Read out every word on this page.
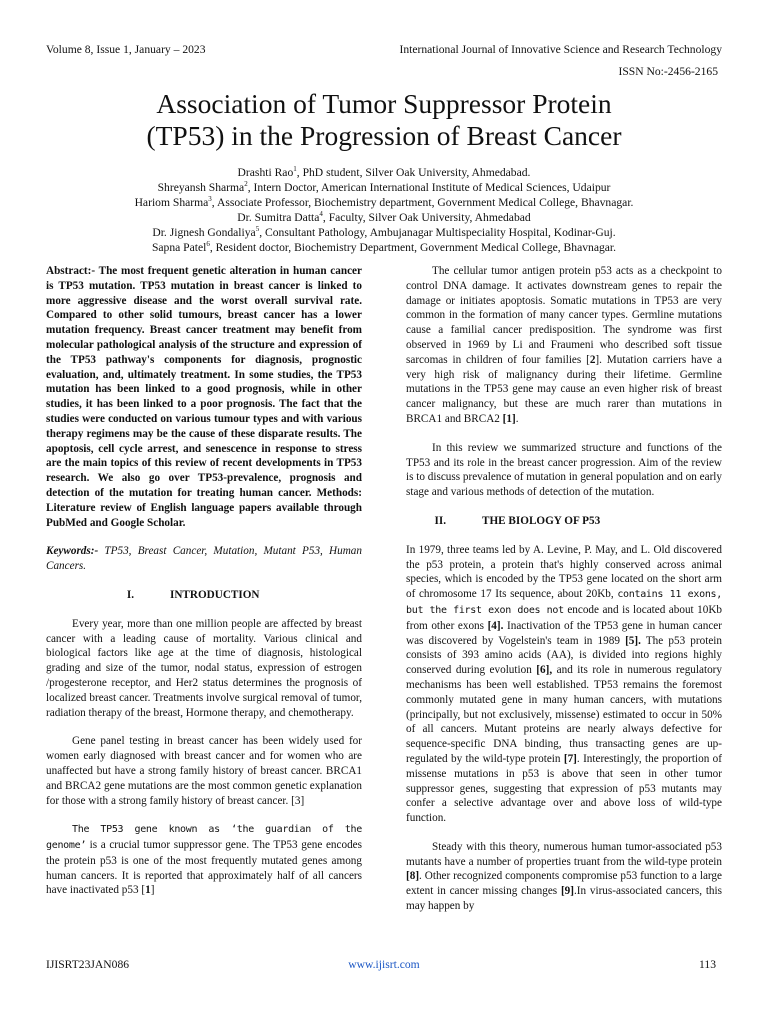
Volume 8, Issue 1, January – 2023	International Journal of Innovative Science and Research Technology
ISSN No:-2456-2165
Association of Tumor Suppressor Protein
(TP53) in the Progression of Breast Cancer
Drashti Rao$^1$, PhD student, Silver Oak University, Ahmedabad.
Shreyansh Sharma$^2$, Intern Doctor, American International Institute of Medical Sciences, Udaipur
Hariom Sharma$^3$, Associate Professor, Biochemistry department, Government Medical College, Bhavnagar.
Dr. Sumitra Datta$^4$, Faculty, Silver Oak University, Ahmedabad
Dr. Jignesh Gondaliya$^5$, Consultant Pathology, Ambujanagar Multispeciality Hospital, Kodinar-Guj.
Sapna Patel$^6$, Resident doctor, Biochemistry Department, Government Medical College, Bhavnagar.

Abstract:- The most frequent genetic alteration in human cancer is TP53 mutation. TP53 mutation in breast cancer is linked to more aggressive disease and the worst overall survival rate. Compared to other solid tumours, breast cancer has a lower mutation frequency. Breast cancer treatment may benefit from molecular pathological analysis of the structure and expression of the TP53 pathway's components for diagnosis, prognostic evaluation, and, ultimately treatment. In some studies, the TP53 mutation has been linked to a good prognosis, while in other studies, it has been linked to a poor prognosis. The fact that the studies were conducted on various tumour types and with various therapy regimens may be the cause of these disparate results. The apoptosis, cell cycle arrest, and senescence in response to stress are the main topics of this review of recent developments in TP53 research. We also go over TP53-prevalence, prognosis and detection of the mutation for treating human cancer. Methods: Literature review of English language papers available through PubMed and Google Scholar.

Keywords:- TP53, Breast Cancer, Mutation, Mutant P53, Human Cancers.

I.	INTRODUCTION

Every year, more than one million people are affected by breast cancer with a leading cause of mortality. Various clinical and biological factors like age at the time of diagnosis, histological grading and size of the tumor, nodal status, expression of estrogen /progesterone receptor, and Her2 status determines the prognosis of localized breast cancer. Treatments involve surgical removal of tumor, radiation therapy of the breast, Hormone therapy, and chemotherapy.

Gene panel testing in breast cancer has been widely used for women early diagnosed with breast cancer and for women who are unaffected but have a strong family history of breast cancer. BRCA1 and BRCA2 gene mutations are the most common genetic explanation for those with a strong family history of breast cancer. [3]

The TP53 gene known as ‘the guardian of the genome’ is a crucial tumor suppressor gene. The TP53 gene encodes the protein p53 is one of the most frequently mutated genes among human cancers. It is reported that approximately half of all cancers have inactivated p53 [1]

The cellular tumor antigen protein p53 acts as a checkpoint to control DNA damage. It activates downstream genes to repair the damage or initiates apoptosis. Somatic mutations in TP53 are very common in the formation of many cancer types. Germline mutations cause a familial cancer predisposition. The syndrome was first observed in 1969 by Li and Fraumeni who described soft tissue sarcomas in children of four families [2]. Mutation carriers have a very high risk of malignancy during their lifetime. Germline mutations in the TP53 gene may cause an even higher risk of breast cancer malignancy, but these are much rarer than mutations in BRCA1 and BRCA2 [1].

In this review we summarized structure and functions of the TP53 and its role in the breast cancer progression. Aim of the review is to discuss prevalence of mutation in general population and on early stage and various methods of detection of the mutation.

II.	THE BIOLOGY OF P53

In 1979, three teams led by A. Levine, P. May, and L. Old discovered the p53 protein, a protein that's highly conserved across animal species, which is encoded by the TP53 gene located on the short arm of chromosome 17 Its sequence, about 20Kb, contains 11 exons, but the first exon does not encode and is located about 10Kb from other exons [4]. Inactivation of the TP53 gene in human cancer was discovered by Vogelstein's team in 1989 [5]. The p53 protein consists of 393 amino acids (AA), is divided into regions highly conserved during evolution [6], and its role in numerous regulatory mechanisms has been well established. TP53 remains the foremost commonly mutated gene in many human cancers, with mutations (principally, but not exclusively, missense) estimated to occur in 50% of all cancers. Mutant proteins are nearly always defective for sequence-specific DNA binding, thus transacting genes are up-regulated by the wild-type protein [7]. Interestingly, the proportion of missense mutations in p53 is above that seen in other tumor suppressor genes, suggesting that expression of p53 mutants may confer a selective advantage over and above loss of wild-type function.

Steady with this theory, numerous human tumor-associated p53 mutants have a number of properties truant from the wild-type protein [8]. Other recognized components compromise p53 function to a large extent in cancer missing changes [9].In virus-associated cancers, this may happen by

IJISRT23JAN086	www.ijisrt.com	113
